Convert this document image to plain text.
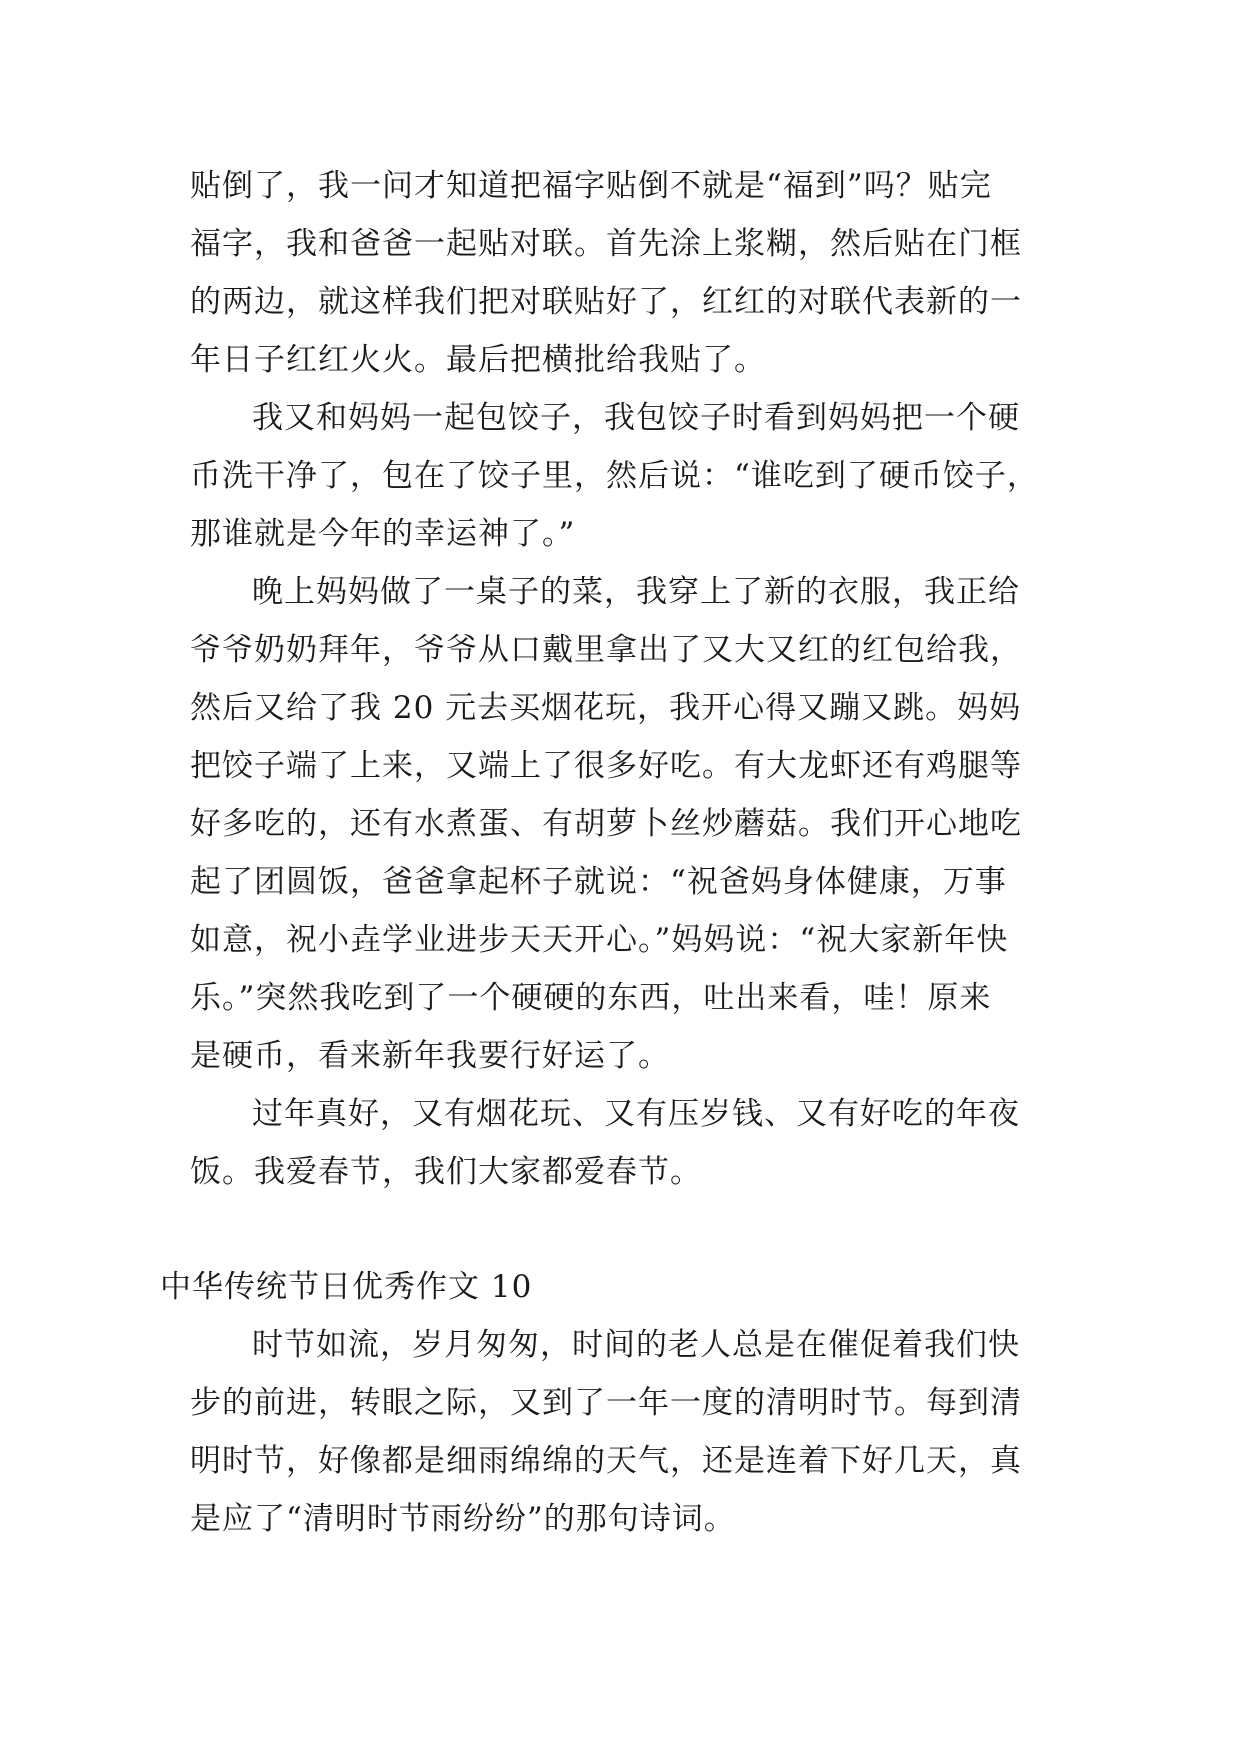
贴倒了，我一问才知道把福字贴倒不就是“福到”吗？贴完
福字，我和爸爸一起贴对联。首先涂上浆糊，然后贴在门框
的两边，就这样我们把对联贴好了，红红的对联代表新的一
年日子红红火火。最后把横批给我贴了。
我又和妈妈一起包饺子，我包饺子时看到妈妈把一个硬
币洗干净了，包在了饺子里，然后说：“谁吃到了硬币饺子，
那谁就是今年的幸运神了。”
晚上妈妈做了一桌子的菜，我穿上了新的衣服，我正给
爷爷奶奶拜年，爷爷从口戴里拿出了又大又红的红包给我，
然后又给了我 20 元去买烟花玩，我开心得又蹦又跳。妈妈
把饺子端了上来，又端上了很多好吃。有大龙虾还有鸡腿等
好多吃的，还有水煮蛋、有胡萝卜丝炒蘑菇。我们开心地吃
起了团圆饭，爸爸拿起杯子就说：“祝爸妈身体健康，万事
如意，祝小垚学业进步天天开心。”妈妈说：“祝大家新年快
乐。”突然我吃到了一个硬硬的东西，吐出来看，哇！原来
是硬币，看来新年我要行好运了。
过年真好，又有烟花玩、又有压岁钱、又有好吃的年夜
饭。我爱春节，我们大家都爱春节。
中华传统节日优秀作文 10
时节如流，岁月匆匆，时间的老人总是在催促着我们快
步的前进，转眼之际，又到了一年一度的清明时节。每到清
明时节，好像都是细雨绵绵的天气，还是连着下好几天，真
是应了“清明时节雨纷纷”的那句诗词。
